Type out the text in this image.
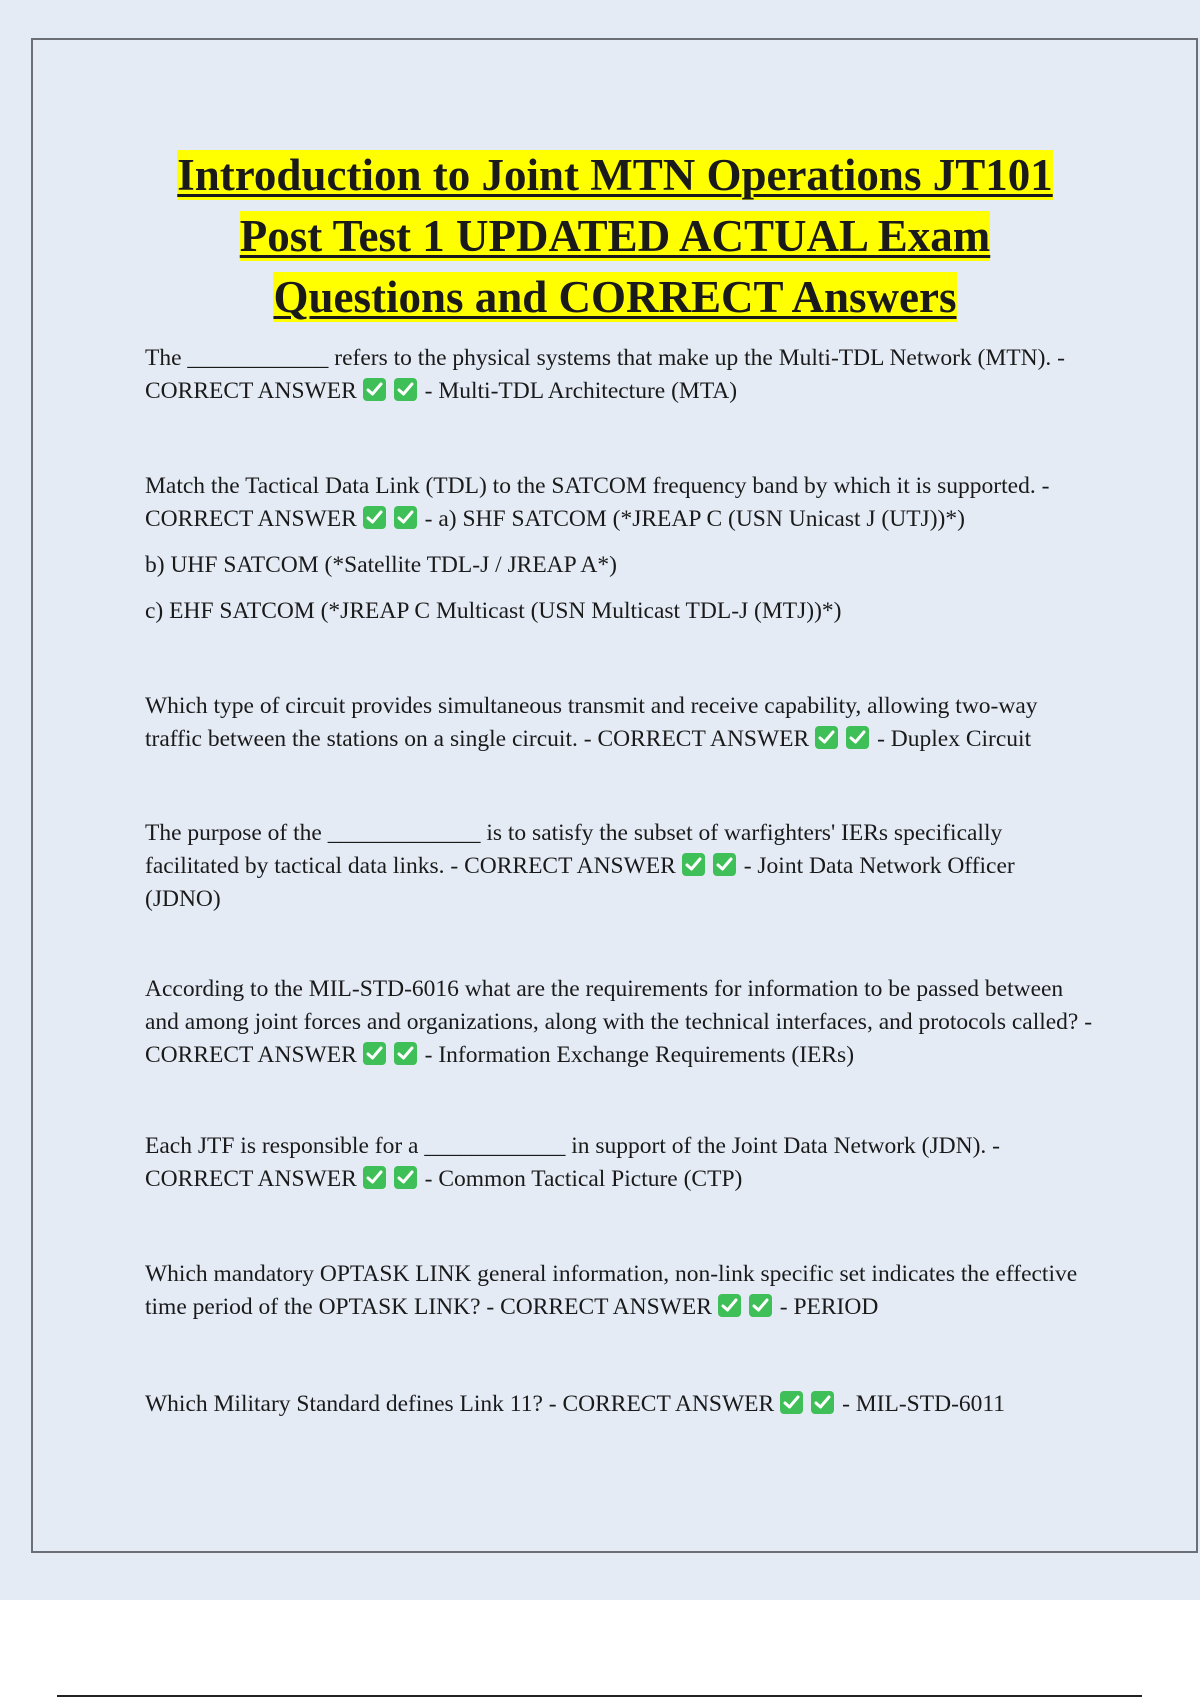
Introduction to Joint MTN Operations JT101
Post Test 1 UPDATED ACTUAL Exam
Questions and CORRECT Answers

The ____________ refers to the physical systems that make up the Multi-TDL Network (MTN). - CORRECT ANSWER	- Multi-TDL Architecture (MTA)

Match the Tactical Data Link (TDL) to the SATCOM frequency band by which it is supported. - CORRECT ANSWER	- a) SHF SATCOM (*JREAP C (USN Unicast J (UTJ))*)

b) UHF SATCOM (*Satellite TDL-J / JREAP A*)

c) EHF SATCOM (*JREAP C Multicast (USN Multicast TDL-J (MTJ))*)

Which type of circuit provides simultaneous transmit and receive capability, allowing two-way traffic between the stations on a single circuit. - CORRECT ANSWER	- Duplex Circuit

The purpose of the _____________ is to satisfy the subset of warfighters' IERs specifically facilitated by tactical data links. - CORRECT ANSWER	- Joint Data Network Officer (JDNO)

According to the MIL-STD-6016 what are the requirements for information to be passed between and among joint forces and organizations, along with the technical interfaces, and protocols called? - CORRECT ANSWER	- Information Exchange Requirements (IERs)

Each JTF is responsible for a ____________ in support of the Joint Data Network (JDN). - CORRECT ANSWER	- Common Tactical Picture (CTP)

Which mandatory OPTASK LINK general information, non-link specific set indicates the effective time period of the OPTASK LINK? - CORRECT ANSWER	- PERIOD

Which Military Standard defines Link 11? - CORRECT ANSWER	- MIL-STD-6011
